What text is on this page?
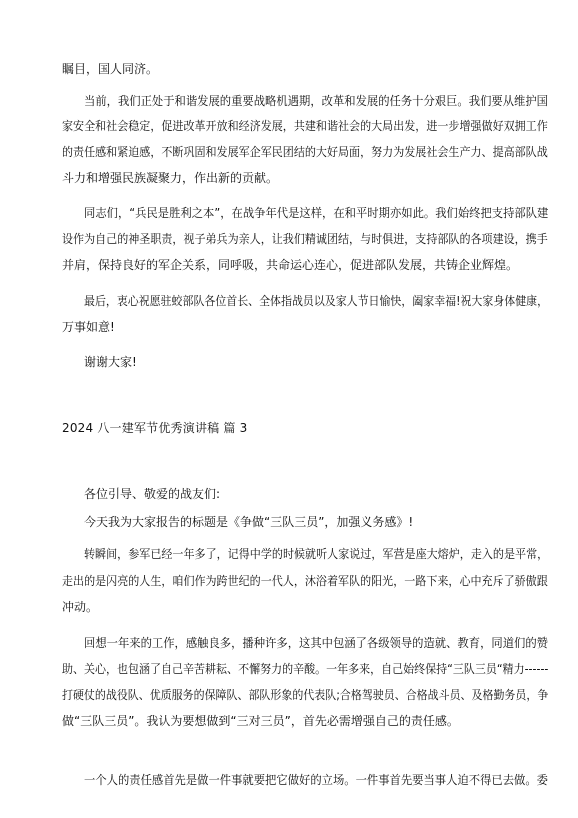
瞩目，国人同济。
当前，我们正处于和谐发展的重要战略机遇期，改革和发展的任务十分艰巨。我们要从维护国
家安全和社会稳定，促进改革开放和经济发展，共建和谐社会的大局出发，进一步增强做好双拥工作
的责任感和紧迫感，不断巩固和发展军企军民团结的大好局面，努力为发展社会生产力、提高部队战
斗力和增强民族凝聚力，作出新的贡献。
同志们，“兵民是胜利之本”，在战争年代是这样，在和平时期亦如此。我们始终把支持部队建
设作为自己的神圣职责，视子弟兵为亲人，让我们精诚团结，与时俱进，支持部队的各项建设，携手
并肩，保持良好的军企关系，同呼吸，共命运心连心，促进部队发展，共铸企业辉煌。
最后，衷心祝愿驻蛟部队各位首长、全体指战员以及家人节日愉快，阖家幸福!祝大家身体健康，
万事如意!
谢谢大家!
2024 八一建军节优秀演讲稿 篇 3
各位引导、敬爱的战友们:
今天我为大家报告的标题是《争做“三队三员”，加强义务感》!
转瞬间，参军已经一年多了，记得中学的时候就听人家说过，军营是座大熔炉，走入的是平常，
走出的是闪亮的人生，咱们作为跨世纪的一代人，沐浴着军队的阳光，一路下来，心中充斥了骄傲跟
冲动。
回想一年来的工作，感触良多，播种许多，这其中包涵了各级领导的造就、教育，同道们的赞
助、关心，也包涵了自己辛苦耕耘、不懈努力的辛酸。一年多来，自己始终保持“三队三员“精力------
打硬仗的战役队、优质服务的保障队、部队形象的代表队;合格驾驶员、合格战斗员、及格勤务员，争
做“三队三员”。我认为要想做到“三对三员”，首先必需增强自己的责任感。
一个人的责任感首先是做一件事就要把它做好的立场。一件事首先要当事人迫不得已去做。委
